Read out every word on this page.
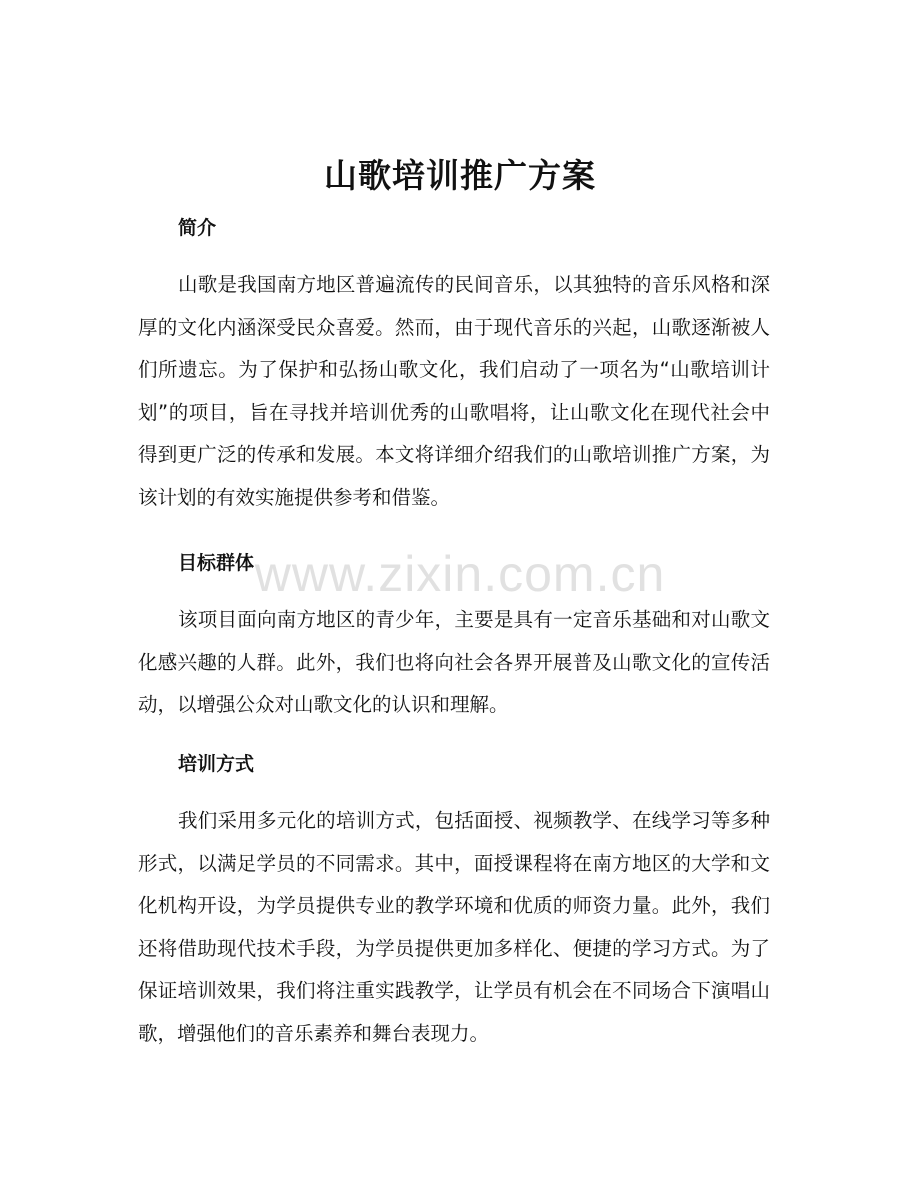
山歌培训推广方案
简介

山歌是我国南方地区普遍流传的民间音乐，以其独特的音乐风格和深厚的文化内涵深受民众喜爱。然而，由于现代音乐的兴起，山歌逐渐被人们所遗忘。为了保护和弘扬山歌文化，我们启动了一项名为“山歌培训计划”的项目，旨在寻找并培训优秀的山歌唱将，让山歌文化在现代社会中得到更广泛的传承和发展。本文将详细介绍我们的山歌培训推广方案，为该计划的有效实施提供参考和借鉴。

目标群体

该项目面向南方地区的青少年，主要是具有一定音乐基础和对山歌文化感兴趣的人群。此外，我们也将向社会各界开展普及山歌文化的宣传活动，以增强公众对山歌文化的认识和理解。

培训方式

我们采用多元化的培训方式，包括面授、视频教学、在线学习等多种形式，以满足学员的不同需求。其中，面授课程将在南方地区的大学和文化机构开设，为学员提供专业的教学环境和优质的师资力量。此外，我们还将借助现代技术手段，为学员提供更加多样化、便捷的学习方式。为了保证培训效果，我们将注重实践教学，让学员有机会在不同场合下演唱山歌，增强他们的音乐素养和舞台表现力。

www.zixin.com.cn
